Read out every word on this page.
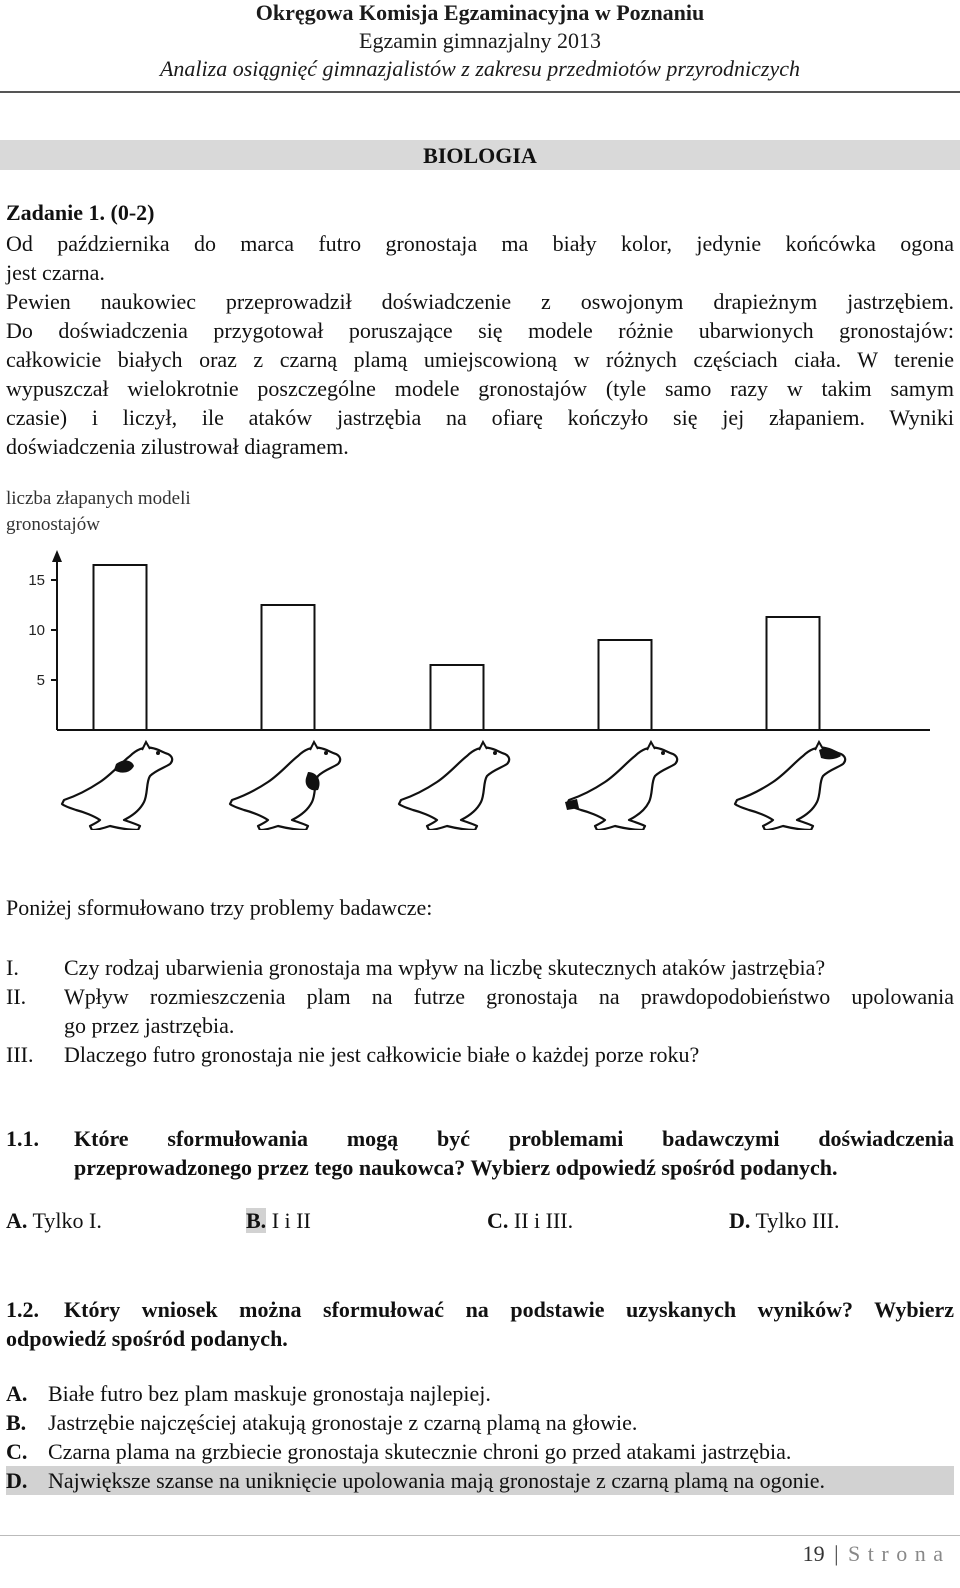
Okręgowa Komisja Egzaminacyjna w Poznaniu
Egzamin gimnazjalny 2013
Analiza osiągnięć gimnazjalistów z zakresu przedmiotów przyrodniczych
BIOLOGIA
Zadanie 1. (0-2)

Od października do marca futro gronostaja ma biały kolor, jedynie końcówka ogona

jest czarna.

Pewien naukowiec przeprowadził doświadczenie z oswojonym drapieżnym jastrzębiem.

Do doświadczenia przygotował poruszające się modele różnie ubarwionych gronostajów:

całkowicie białych oraz z czarną plamą umiejscowioną w różnych częściach ciała. W terenie

wypuszczał wielokrotnie poszczególne modele gronostajów (tyle samo razy w takim samym

czasie) i liczył, ile ataków jastrzębia na ofiarę kończyło się jej złapaniem. Wyniki

doświadczenia zilustrował diagramem.

liczba złapanych modeli

gronostajów

5
10
15
Poniżej sformułowano trzy problemy badawcze:
I. Czy rodzaj ubarwienia gronostaja ma wpływ na liczbę skutecznych ataków jastrzębia?
II. Wpływ rozmieszczenia plam na futrze gronostaja na prawdopodobieństwo upolowania
go przez jastrzębia.
III. Dlaczego futro gronostaja nie jest całkowicie białe o każdej porze roku?
1.1. Które sformułowania mogą być problemami badawczymi doświadczenia
przeprowadzonego przez tego naukowca? Wybierz odpowiedź spośród podanych.
A. Tylko I.	B. I i II	C. II i III.	D. Tylko III.
1.2. Który wniosek można sformułować na podstawie uzyskanych wyników? Wybierz
odpowiedź spośród podanych.
A. Białe futro bez plam maskuje gronostaja najlepiej.
B. Jastrzębie najczęściej atakują gronostaje z czarną plamą na głowie.
C. Czarna plama na grzbiecie gronostaja skutecznie chroni go przed atakami jastrzębia.
D. Największe szanse na uniknięcie upolowania mają gronostaje z czarną plamą na ogonie.
19 | S t r o n a
